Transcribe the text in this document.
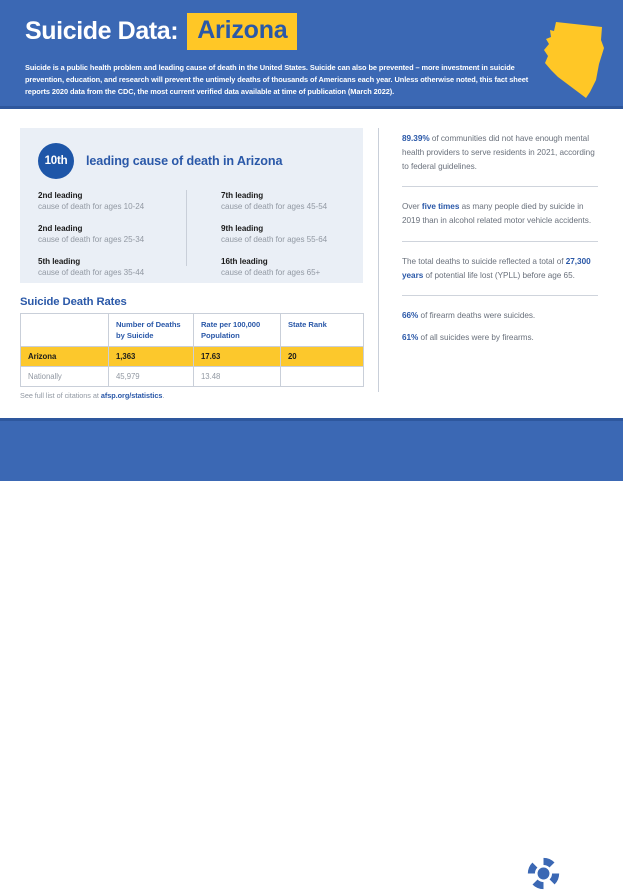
Suicide Data: Arizona
Suicide is a public health problem and leading cause of death in the United States. Suicide can also be prevented – more investment in suicide prevention, education, and research will prevent the untimely deaths of thousands of Americans each year. Unless otherwise noted, this fact sheet reports 2020 data from the CDC, the most current verified data available at time of publication (March 2022).
10th	leading cause of death in Arizona
2nd leading
cause of death for ages 10-24
7th leading
cause of death for ages 45-54
2nd leading
cause of death for ages 25-34
9th leading
cause of death for ages 55-64
5th leading
cause of death for ages 35-44
16th leading
cause of death for ages 65+
Suicide Death Rates
	Number of Deaths by Suicide	Rate per 100,000 Population	State Rank
Arizona	1,363	17.63	20
Nationally	45,979	13.48	
See full list of citations at afsp.org/statistics.
89.39% of communities did not have enough mental health providers to serve residents in 2021, according to federal guidelines.
Over five times as many people died by suicide in 2019 than in alcohol related motor vehicle accidents.
The total deaths to suicide reflected a total of 27,300 years of potential life lost (YPLL) before age 65.
66% of firearm deaths were suicides.
61% of all suicides were by firearms.
afsp.org/statistics
American
Foundation
for Suicide
Prevention
